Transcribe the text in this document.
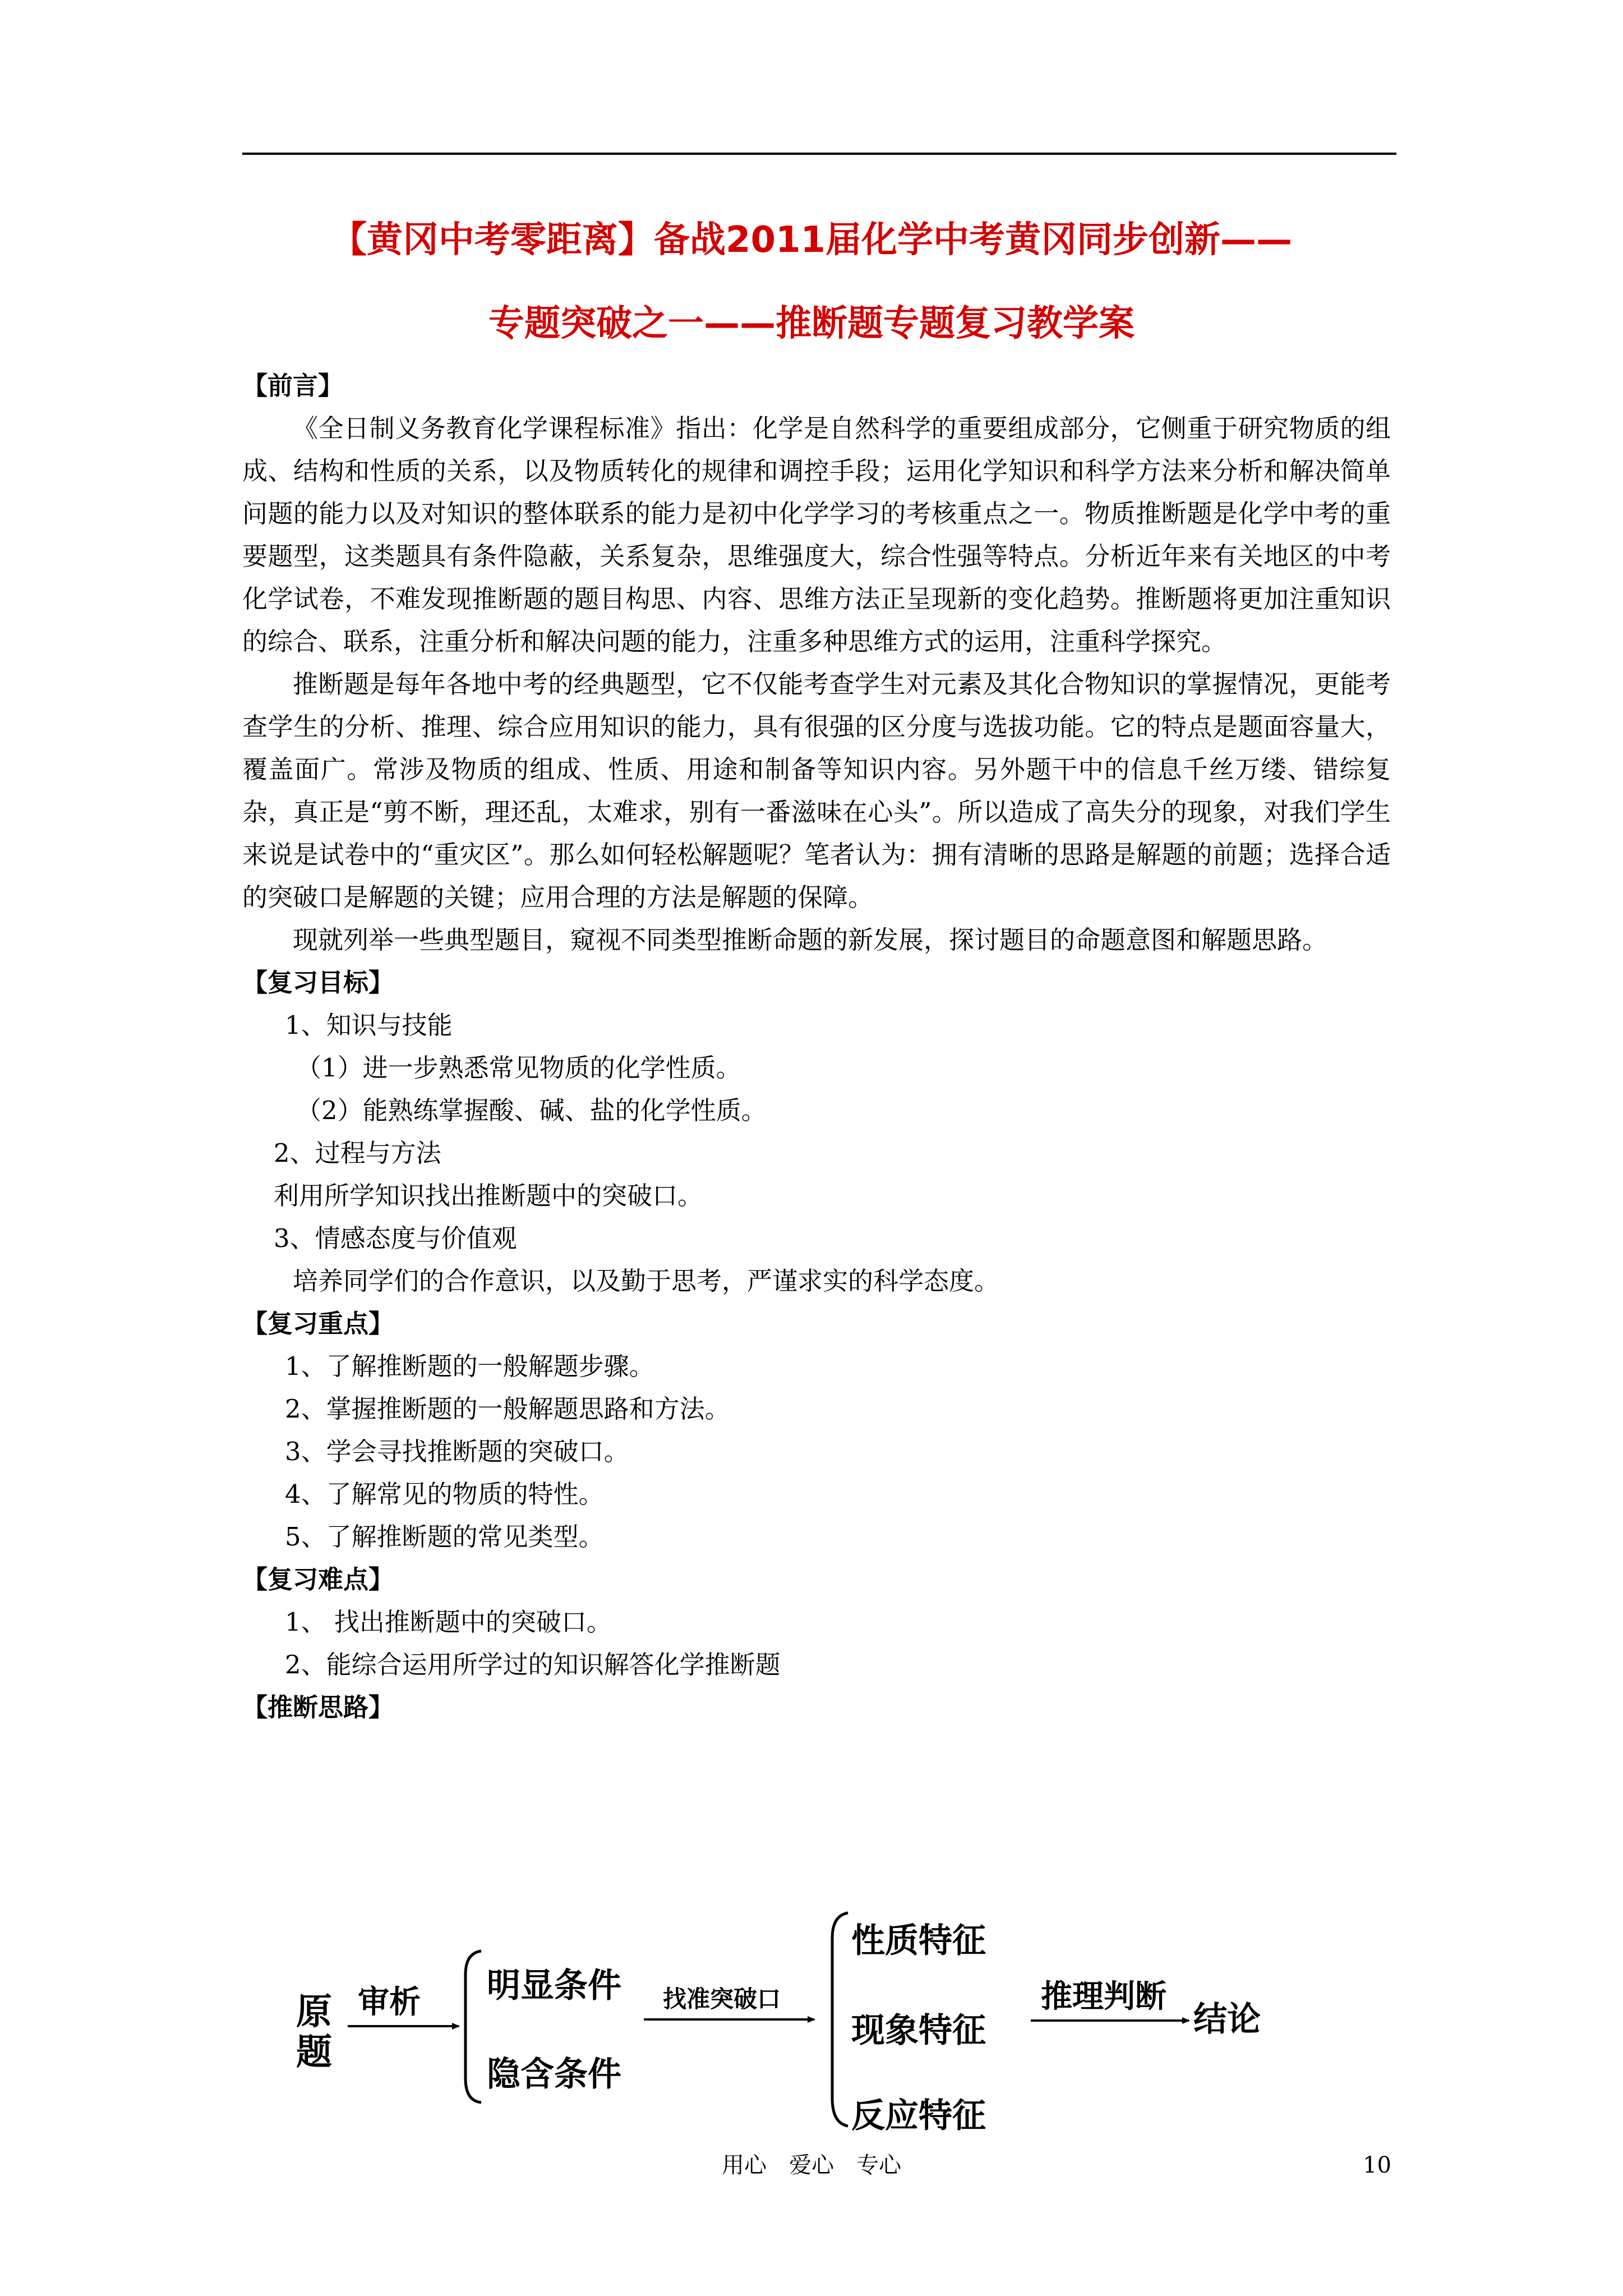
【黄冈中考零距离】备战2011届化学中考黄冈同步创新——
专题突破之一——推断题专题复习教学案

【前言】

《全日制义务教育化学课程标准》指出：化学是自然科学的重要组成部分，它侧重于研究物质的组成、结构和性质的关系，以及物质转化的规律和调控手段；运用化学知识和科学方法来分析和解决简单问题的能力以及对知识的整体联系的能力是初中化学学习的考核重点之一。物质推断题是化学中考的重要题型，这类题具有条件隐蔽，关系复杂，思维强度大，综合性强等特点。分析近年来有关地区的中考化学试卷，不难发现推断题的题目构思、内容、思维方法正呈现新的变化趋势。推断题将更加注重知识的综合、联系，注重分析和解决问题的能力，注重多种思维方式的运用，注重科学探究。

推断题是每年各地中考的经典题型，它不仅能考查学生对元素及其化合物知识的掌握情况，更能考查学生的分析、推理、综合应用知识的能力，具有很强的区分度与选拔功能。它的特点是题面容量大，覆盖面广。常涉及物质的组成、性质、用途和制备等知识内容。另外题干中的信息千丝万缕、错综复杂，真正是“剪不断，理还乱，太难求，别有一番滋味在心头”。所以造成了高失分的现象，对我们学生来说是试卷中的“重灾区”。那么如何轻松解题呢？笔者认为：拥有清晰的思路是解题的前题；选择合适的突破口是解题的关键；应用合理的方法是解题的保障。

现就列举一些典型题目，窥视不同类型推断命题的新发展，探讨题目的命题意图和解题思路。

【复习目标】

1、知识与技能

（1）进一步熟悉常见物质的化学性质。

（2）能熟练掌握酸、碱、盐的化学性质。

2、过程与方法

利用所学知识找出推断题中的突破口。

3、情感态度与价值观

培养同学们的合作意识，以及勤于思考，严谨求实的科学态度。

【复习重点】

1、了解推断题的一般解题步骤。

2、掌握推断题的一般解题思路和方法。

3、学会寻找推断题的突破口。

4、了解常见的物质的特性。

5、了解推断题的常见类型。

【复习难点】

1、 找出推断题中的突破口。

2、能综合运用所学过的知识解答化学推断题

【推断思路】

原
题
审析 明显条件
隐含条件
找准突破口
性质特征
现象特征
反应特征
推理判断
结论
用心　爱心　专心	10
